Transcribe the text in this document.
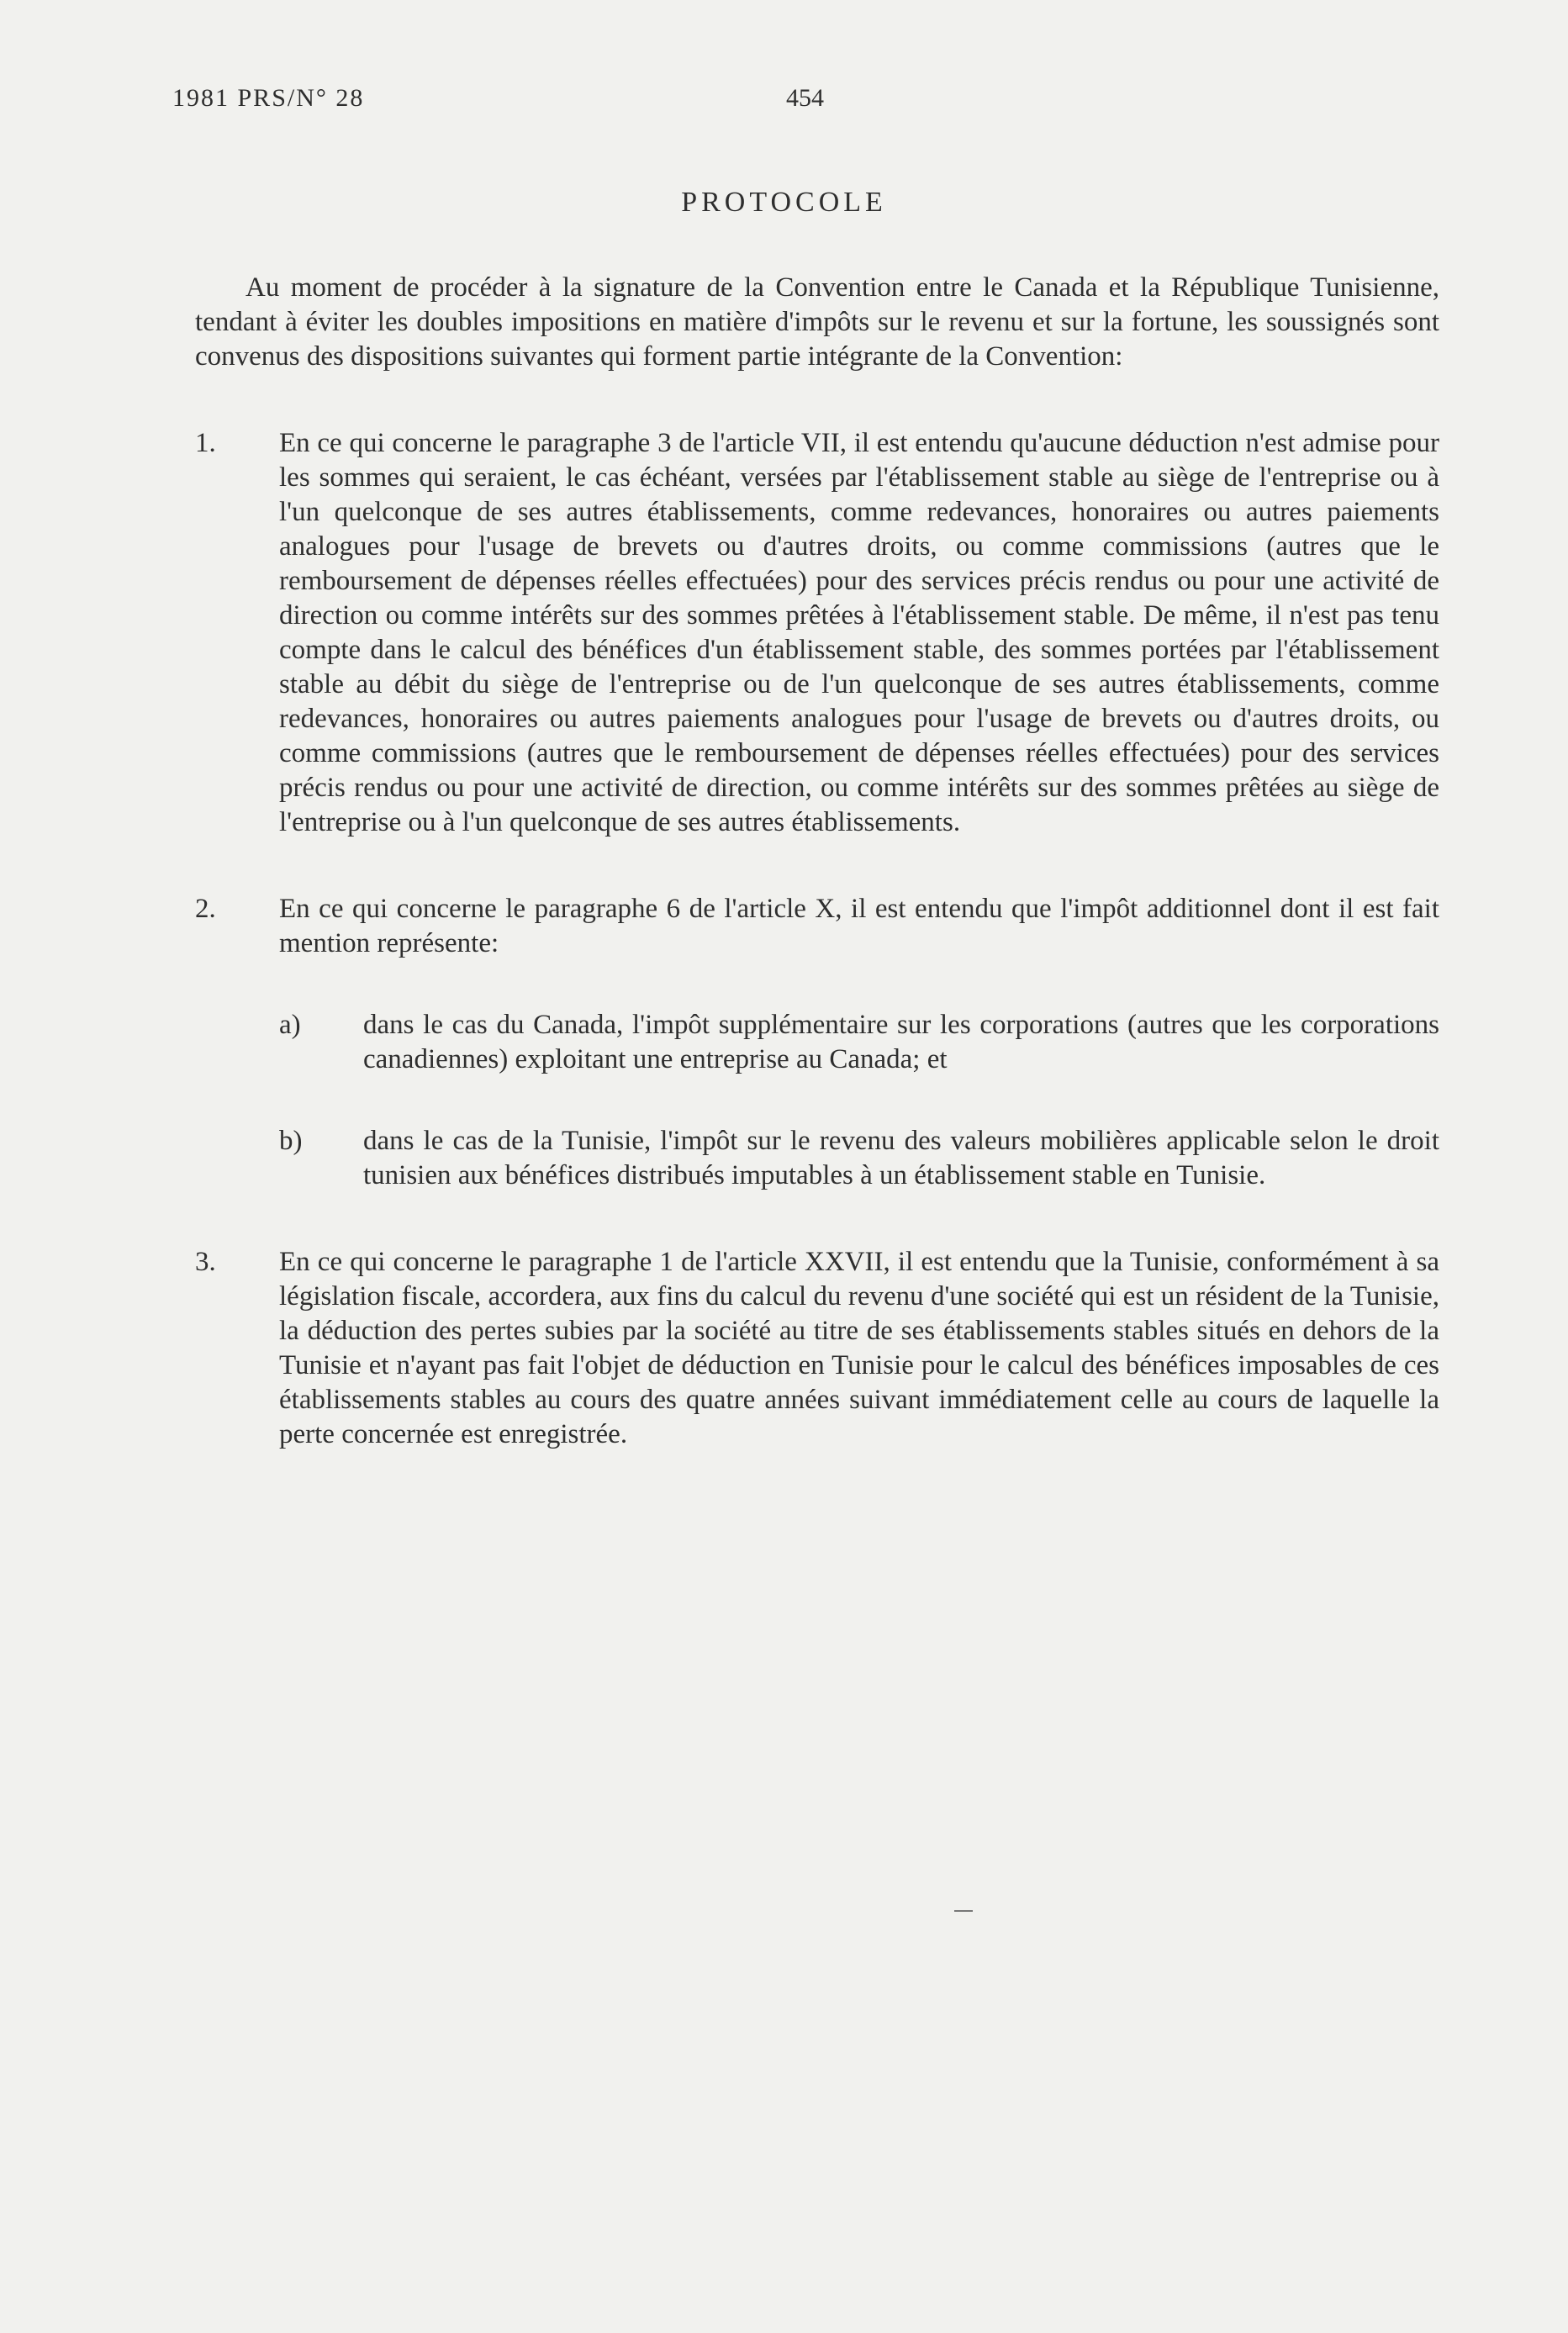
1981 PRS/N° 28	454
PROTOCOLE

Au moment de procéder à la signature de la Convention entre le Canada et la République Tunisienne, tendant à éviter les doubles impositions en matière d'impôts sur le revenu et sur la fortune, les soussignés sont convenus des dispositions suivantes qui forment partie intégrante de la Convention:

1. En ce qui concerne le paragraphe 3 de l'article VII, il est entendu qu'aucune déduction n'est admise pour les sommes qui seraient, le cas échéant, versées par l'établissement stable au siège de l'entreprise ou à l'un quelconque de ses autres établissements, comme redevances, honoraires ou autres paiements analogues pour l'usage de brevets ou d'autres droits, ou comme commissions (autres que le remboursement de dépenses réelles effectuées) pour des services précis rendus ou pour une activité de direction ou comme intérêts sur des sommes prêtées à l'établissement stable. De même, il n'est pas tenu compte dans le calcul des bénéfices d'un établissement stable, des sommes portées par l'établissement stable au débit du siège de l'entreprise ou de l'un quelconque de ses autres établissements, comme redevances, honoraires ou autres paiements analogues pour l'usage de brevets ou d'autres droits, ou comme commissions (autres que le remboursement de dépenses réelles effectuées) pour des services précis rendus ou pour une activité de direction, ou comme intérêts sur des sommes prêtées au siège de l'entreprise ou à l'un quelconque de ses autres établissements.

2. En ce qui concerne le paragraphe 6 de l'article X, il est entendu que l'impôt additionnel dont il est fait mention représente:

a) dans le cas du Canada, l'impôt supplémentaire sur les corporations (autres que les corporations canadiennes) exploitant une entreprise au Canada; et

b) dans le cas de la Tunisie, l'impôt sur le revenu des valeurs mobilières applicable selon le droit tunisien aux bénéfices distribués imputables à un établissement stable en Tunisie.

3. En ce qui concerne le paragraphe 1 de l'article XXVII, il est entendu que la Tunisie, conformément à sa législation fiscale, accordera, aux fins du calcul du revenu d'une société qui est un résident de la Tunisie, la déduction des pertes subies par la société au titre de ses établissements stables situés en dehors de la Tunisie et n'ayant pas fait l'objet de déduction en Tunisie pour le calcul des bénéfices imposables de ces établissements stables au cours des quatre années suivant immédiatement celle au cours de laquelle la perte concernée est enregistrée.
